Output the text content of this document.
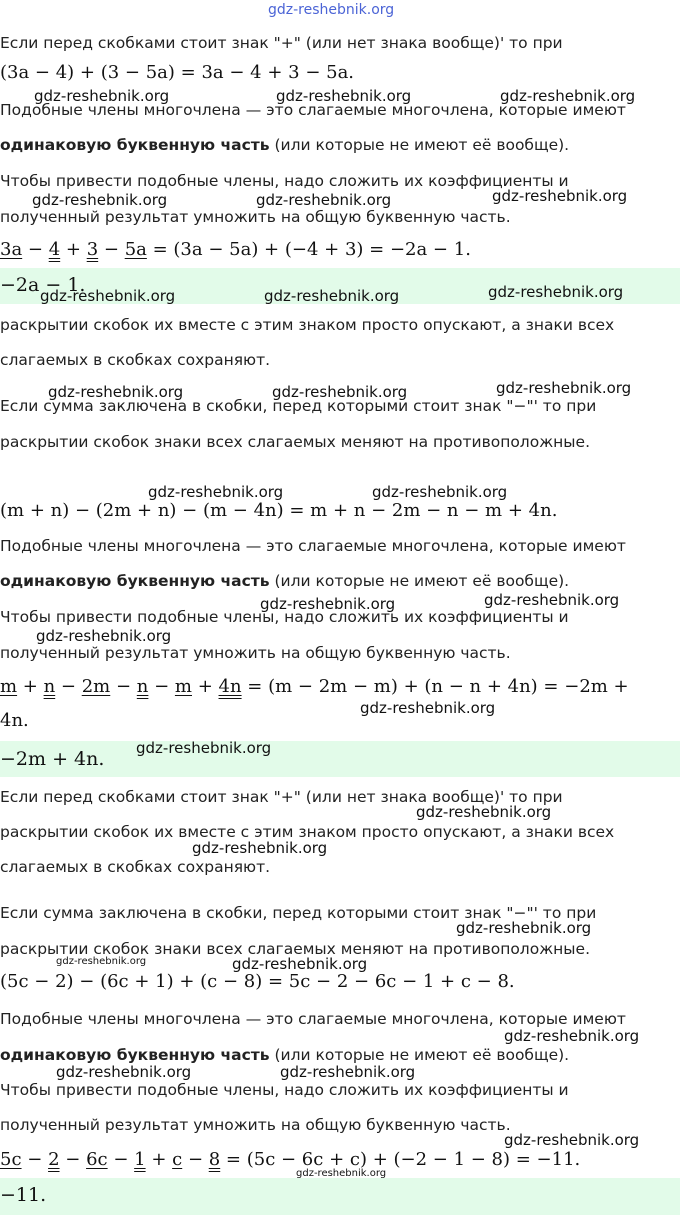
gdz-reshebnik.org
Если перед скобками стоит знак "+" (или нет знака вообще)' то при
(3a − 4) + (3 − 5a) = 3a − 4 + 3 − 5a.
Подобные члены многочлена — это слагаемые многочлена, которые имеют
одинаковую буквенную часть (или которые не имеют её вообще).
Чтобы привести подобные члены, надо сложить их коэффициенты и
полученный результат умножить на общую буквенную часть.
3a − 4 + 3 − 5a = (3a − 5a) + (−4 + 3) = −2a − 1.
−2a − 1.
раскрытии скобок их вместе с этим знаком просто опускают, а знаки всех
слагаемых в скобках сохраняют.
Если сумма заключена в скобки, перед которыми стоит знак "−"' то при
раскрытии скобок знаки всех слагаемых меняют на противоположные.
(m + n) − (2m + n) − (m − 4n) = m + n − 2m − n − m + 4n.
Подобные члены многочлена — это слагаемые многочлена, которые имеют
одинаковую буквенную часть (или которые не имеют её вообще).
Чтобы привести подобные члены, надо сложить их коэффициенты и
полученный результат умножить на общую буквенную часть.
m + n − 2m − n − m + 4n = (m − 2m − m) + (n − n + 4n) = −2m +
4n.
−2m + 4n.
Если перед скобками стоит знак "+" (или нет знака вообще)' то при
раскрытии скобок их вместе с этим знаком просто опускают, а знаки всех
слагаемых в скобках сохраняют.
Если сумма заключена в скобки, перед которыми стоит знак "−"' то при
раскрытии скобок знаки всех слагаемых меняют на противоположные.
(5c − 2) − (6c + 1) + (c − 8) = 5c − 2 − 6c − 1 + c − 8.
Подобные члены многочлена — это слагаемые многочлена, которые имеют
одинаковую буквенную часть (или которые не имеют её вообще).
Чтобы привести подобные члены, надо сложить их коэффициенты и
полученный результат умножить на общую буквенную часть.
5c − 2 − 6c − 1 + c − 8 = (5c − 6c + c) + (−2 − 1 − 8) = −11.
−11.
gdz-reshebnik.org	gdz-reshebnik.org	gdz-reshebnik.org
gdz-reshebnik.org	gdz-reshebnik.org	gdz-reshebnik.org
gdz-reshebnik.org	gdz-reshebnik.org	gdz-reshebnik.org
gdz-reshebnik.org	gdz-reshebnik.org	gdz-reshebnik.org
gdz-reshebnik.org	gdz-reshebnik.org
gdz-reshebnik.org	gdz-reshebnik.org
gdz-reshebnik.org
gdz-reshebnik.org
gdz-reshebnik.org
gdz-reshebnik.org
gdz-reshebnik.org
gdz-reshebnik.org
gdz-reshebnik.org	gdz-reshebnik.org
gdz-reshebnik.org
gdz-reshebnik.org	gdz-reshebnik.org
gdz-reshebnik.org
gdz-reshebnik.org
